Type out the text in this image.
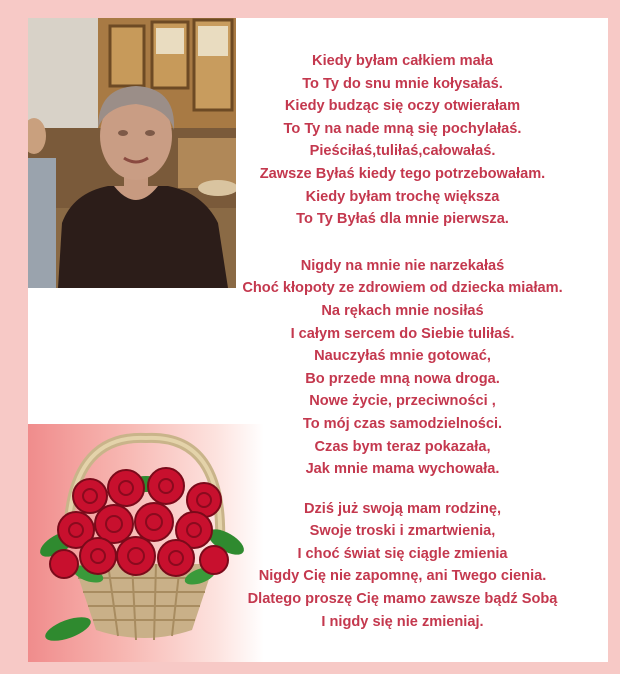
Kiedy byłam całkiem mała
To Ty do snu mnie kołysałaś.
Kiedy budząc się oczy otwierałam
To Ty na nade mną się pochylałaś.
Pieściłaś,tuliłaś,całowałaś.
Zawsze Byłaś kiedy tego potrzebowałam.
Kiedy byłam trochę większa
To Ty Byłaś dla mnie pierwsza.
Nigdy na mnie nie narzekałaś
Choć kłopoty ze zdrowiem od dziecka miałam.
Na rękach mnie nosiłaś
I całym sercem do Siebie tuliłaś.
Nauczyłaś mnie gotować,
Bo przede mną nowa droga.
Nowe życie, przeciwności ,
To mój czas samodzielności.
Czas bym teraz pokazała,
Jak mnie mama wychowała.
Dziś już swoją mam rodzinę,
Swoje troski i zmartwienia,
I choć świat się ciągle zmienia
Nigdy Cię nie zapomnę, ani Twego cienia.
Dlatego proszę Cię mamo zawsze bądź Sobą
I nigdy się nie zmieniaj.
